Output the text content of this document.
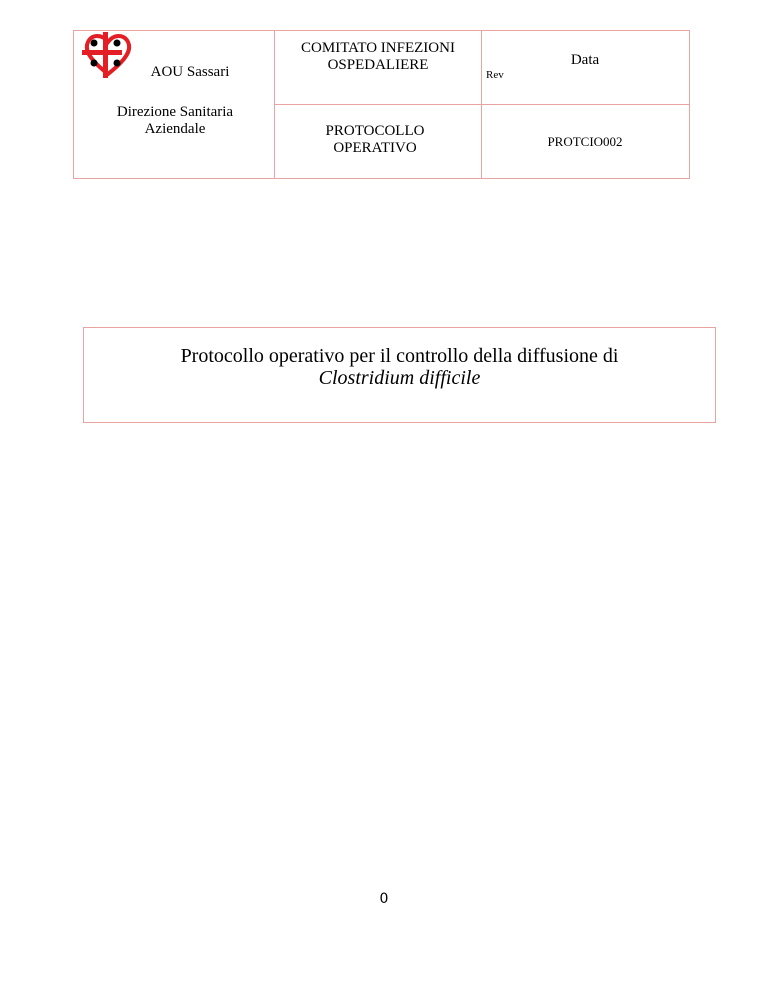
AOU Sassari
Direzione Sanitaria Aziendale
COMITATO INFEZIONI OSPEDALIERE
PROTOCOLLO OPERATIVO
Rev
Data
PROTCIO002
Protocollo operativo per il controllo della diffusione di
Clostridium difficile
0
